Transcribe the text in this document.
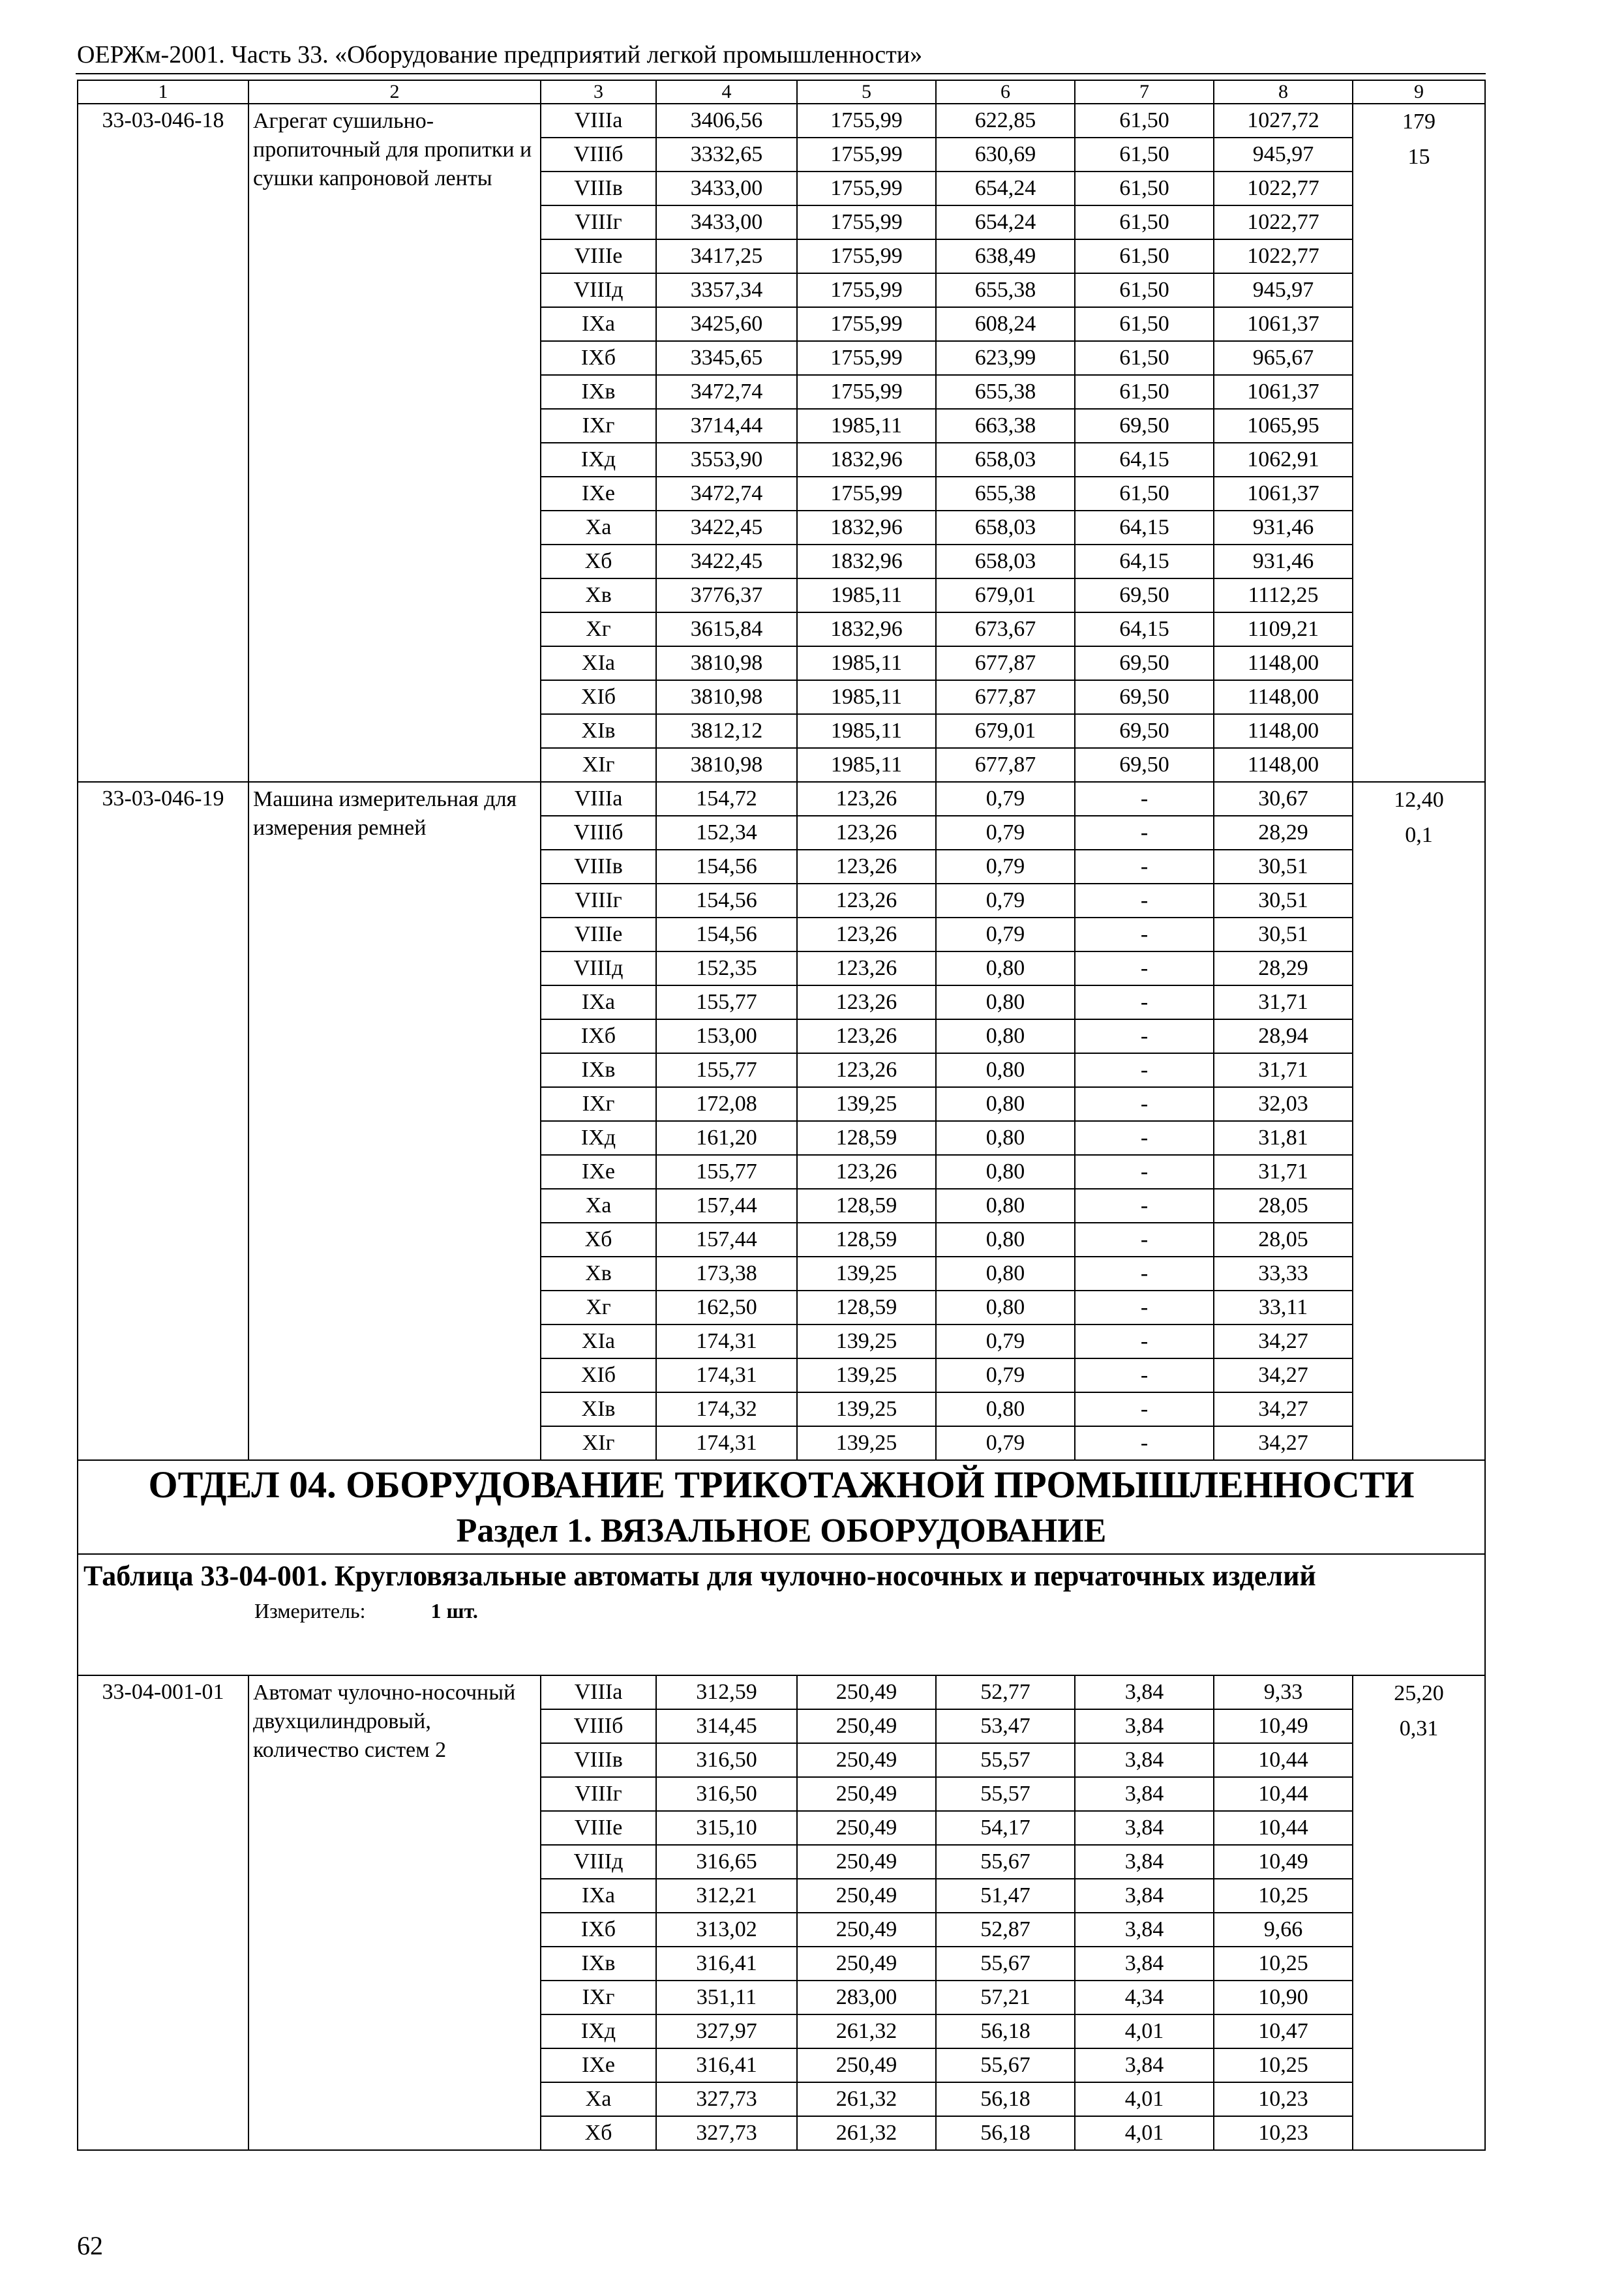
ОЕРЖм-2001. Часть 33. «Оборудование предприятий легкой промышленности»
1	2	3	4	5	6	7	8	9
33-03-046-18	Агрегат сушильно-пропиточный для пропитки и сушки капроновой ленты	VIIIа	3406,56	1755,99	622,85	61,50	1027,72	179
15

		VIIIб	3332,65	1755,99	630,69	61,50	945,97	
		VIIIв	3433,00	1755,99	654,24	61,50	1022,77	
		VIIIг	3433,00	1755,99	654,24	61,50	1022,77	
		VIIIе	3417,25	1755,99	638,49	61,50	1022,77	
		VIIIд	3357,34	1755,99	655,38	61,50	945,97	
		IXа	3425,60	1755,99	608,24	61,50	1061,37	
		IXб	3345,65	1755,99	623,99	61,50	965,67	
		IXв	3472,74	1755,99	655,38	61,50	1061,37	
		IXг	3714,44	1985,11	663,38	69,50	1065,95	
		IXд	3553,90	1832,96	658,03	64,15	1062,91	
		IXе	3472,74	1755,99	655,38	61,50	1061,37	
		Xа	3422,45	1832,96	658,03	64,15	931,46	
		Xб	3422,45	1832,96	658,03	64,15	931,46	
		Xв	3776,37	1985,11	679,01	69,50	1112,25	
		Xг	3615,84	1832,96	673,67	64,15	1109,21	
		XIа	3810,98	1985,11	677,87	69,50	1148,00	
		XIб	3810,98	1985,11	677,87	69,50	1148,00	
		XIв	3812,12	1985,11	679,01	69,50	1148,00	
		XIг	3810,98	1985,11	677,87	69,50	1148,00	
33-03-046-19	Машина измерительная для измерения ремней	VIIIа	154,72	123,26	0,79	-	30,67	12,40
0,1

		VIIIб	152,34	123,26	0,79	-	28,29	
		VIIIв	154,56	123,26	0,79	-	30,51	
		VIIIг	154,56	123,26	0,79	-	30,51	
		VIIIе	154,56	123,26	0,79	-	30,51	
		VIIIд	152,35	123,26	0,80	-	28,29	
		IXа	155,77	123,26	0,80	-	31,71	
		IXб	153,00	123,26	0,80	-	28,94	
		IXв	155,77	123,26	0,80	-	31,71	
		IXг	172,08	139,25	0,80	-	32,03	
		IXд	161,20	128,59	0,80	-	31,81	
		IXе	155,77	123,26	0,80	-	31,71	
		Xа	157,44	128,59	0,80	-	28,05	
		Xб	157,44	128,59	0,80	-	28,05	
		Xв	173,38	139,25	0,80	-	33,33	
		Xг	162,50	128,59	0,80	-	33,11	
		XIа	174,31	139,25	0,79	-	34,27	
		XIб	174,31	139,25	0,79	-	34,27	
		XIв	174,32	139,25	0,80	-	34,27	
		XIг	174,31	139,25	0,79	-	34,27	

ОТДЕЛ 04. ОБОРУДОВАНИЕ ТРИКОТАЖНОЙ ПРОМЫШЛЕННОСТИ
Раздел 1. ВЯЗАЛЬНОЕ ОБОРУДОВАНИЕ								

Таблица 33-04-001. Кругловязальные автоматы для чулочно-носочных и перчаточных изделий
Измеритель: 1 шт.								

33-04-001-01	Автомат чулочно-носочный двухцилиндровый, количество систем 2	VIIIа	312,59	250,49	52,77	3,84	9,33	25,20
0,31

		VIIIб	314,45	250,49	53,47	3,84	10,49	
		VIIIв	316,50	250,49	55,57	3,84	10,44	
		VIIIг	316,50	250,49	55,57	3,84	10,44	
		VIIIе	315,10	250,49	54,17	3,84	10,44	
		VIIIд	316,65	250,49	55,67	3,84	10,49	
		IXа	312,21	250,49	51,47	3,84	10,25	
		IXб	313,02	250,49	52,87	3,84	9,66	
		IXв	316,41	250,49	55,67	3,84	10,25	
		IXг	351,11	283,00	57,21	4,34	10,90	
		IXд	327,97	261,32	56,18	4,01	10,47	
		IXе	316,41	250,49	55,67	3,84	10,25	
		Xа	327,73	261,32	56,18	4,01	10,23	
		Xб	327,73	261,32	56,18	4,01	10,23	
62
